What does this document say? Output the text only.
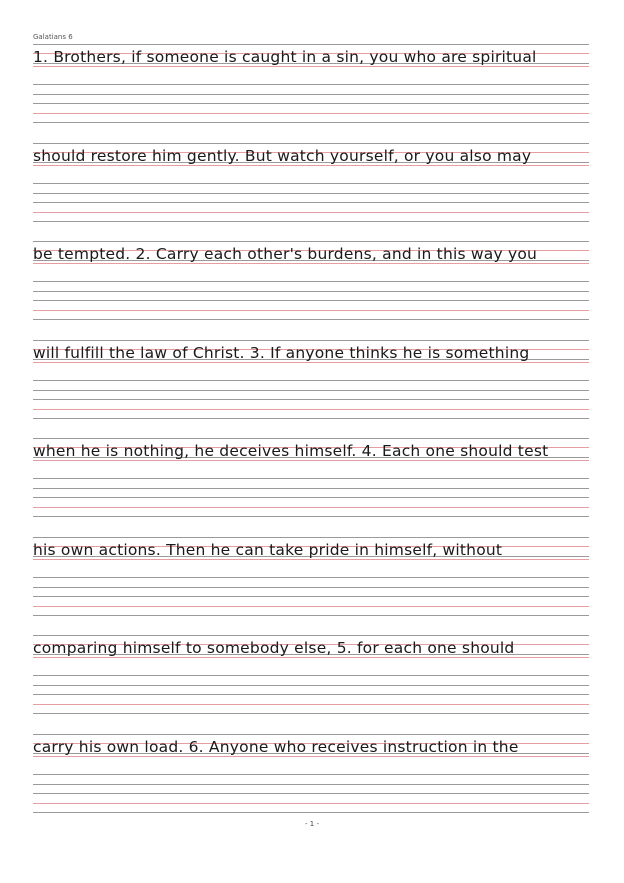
Galatians 6
1. Brothers, if someone is caught in a sin, you who are spiritual
should restore him gently. But watch yourself, or you also may
be tempted. 2. Carry each other's burdens, and in this way you
will fulfill the law of Christ. 3. If anyone thinks he is something
when he is nothing, he deceives himself. 4. Each one should test
his own actions. Then he can take pride in himself, without
comparing himself to somebody else, 5. for each one should
carry his own load. 6. Anyone who receives instruction in the
- 1 -
